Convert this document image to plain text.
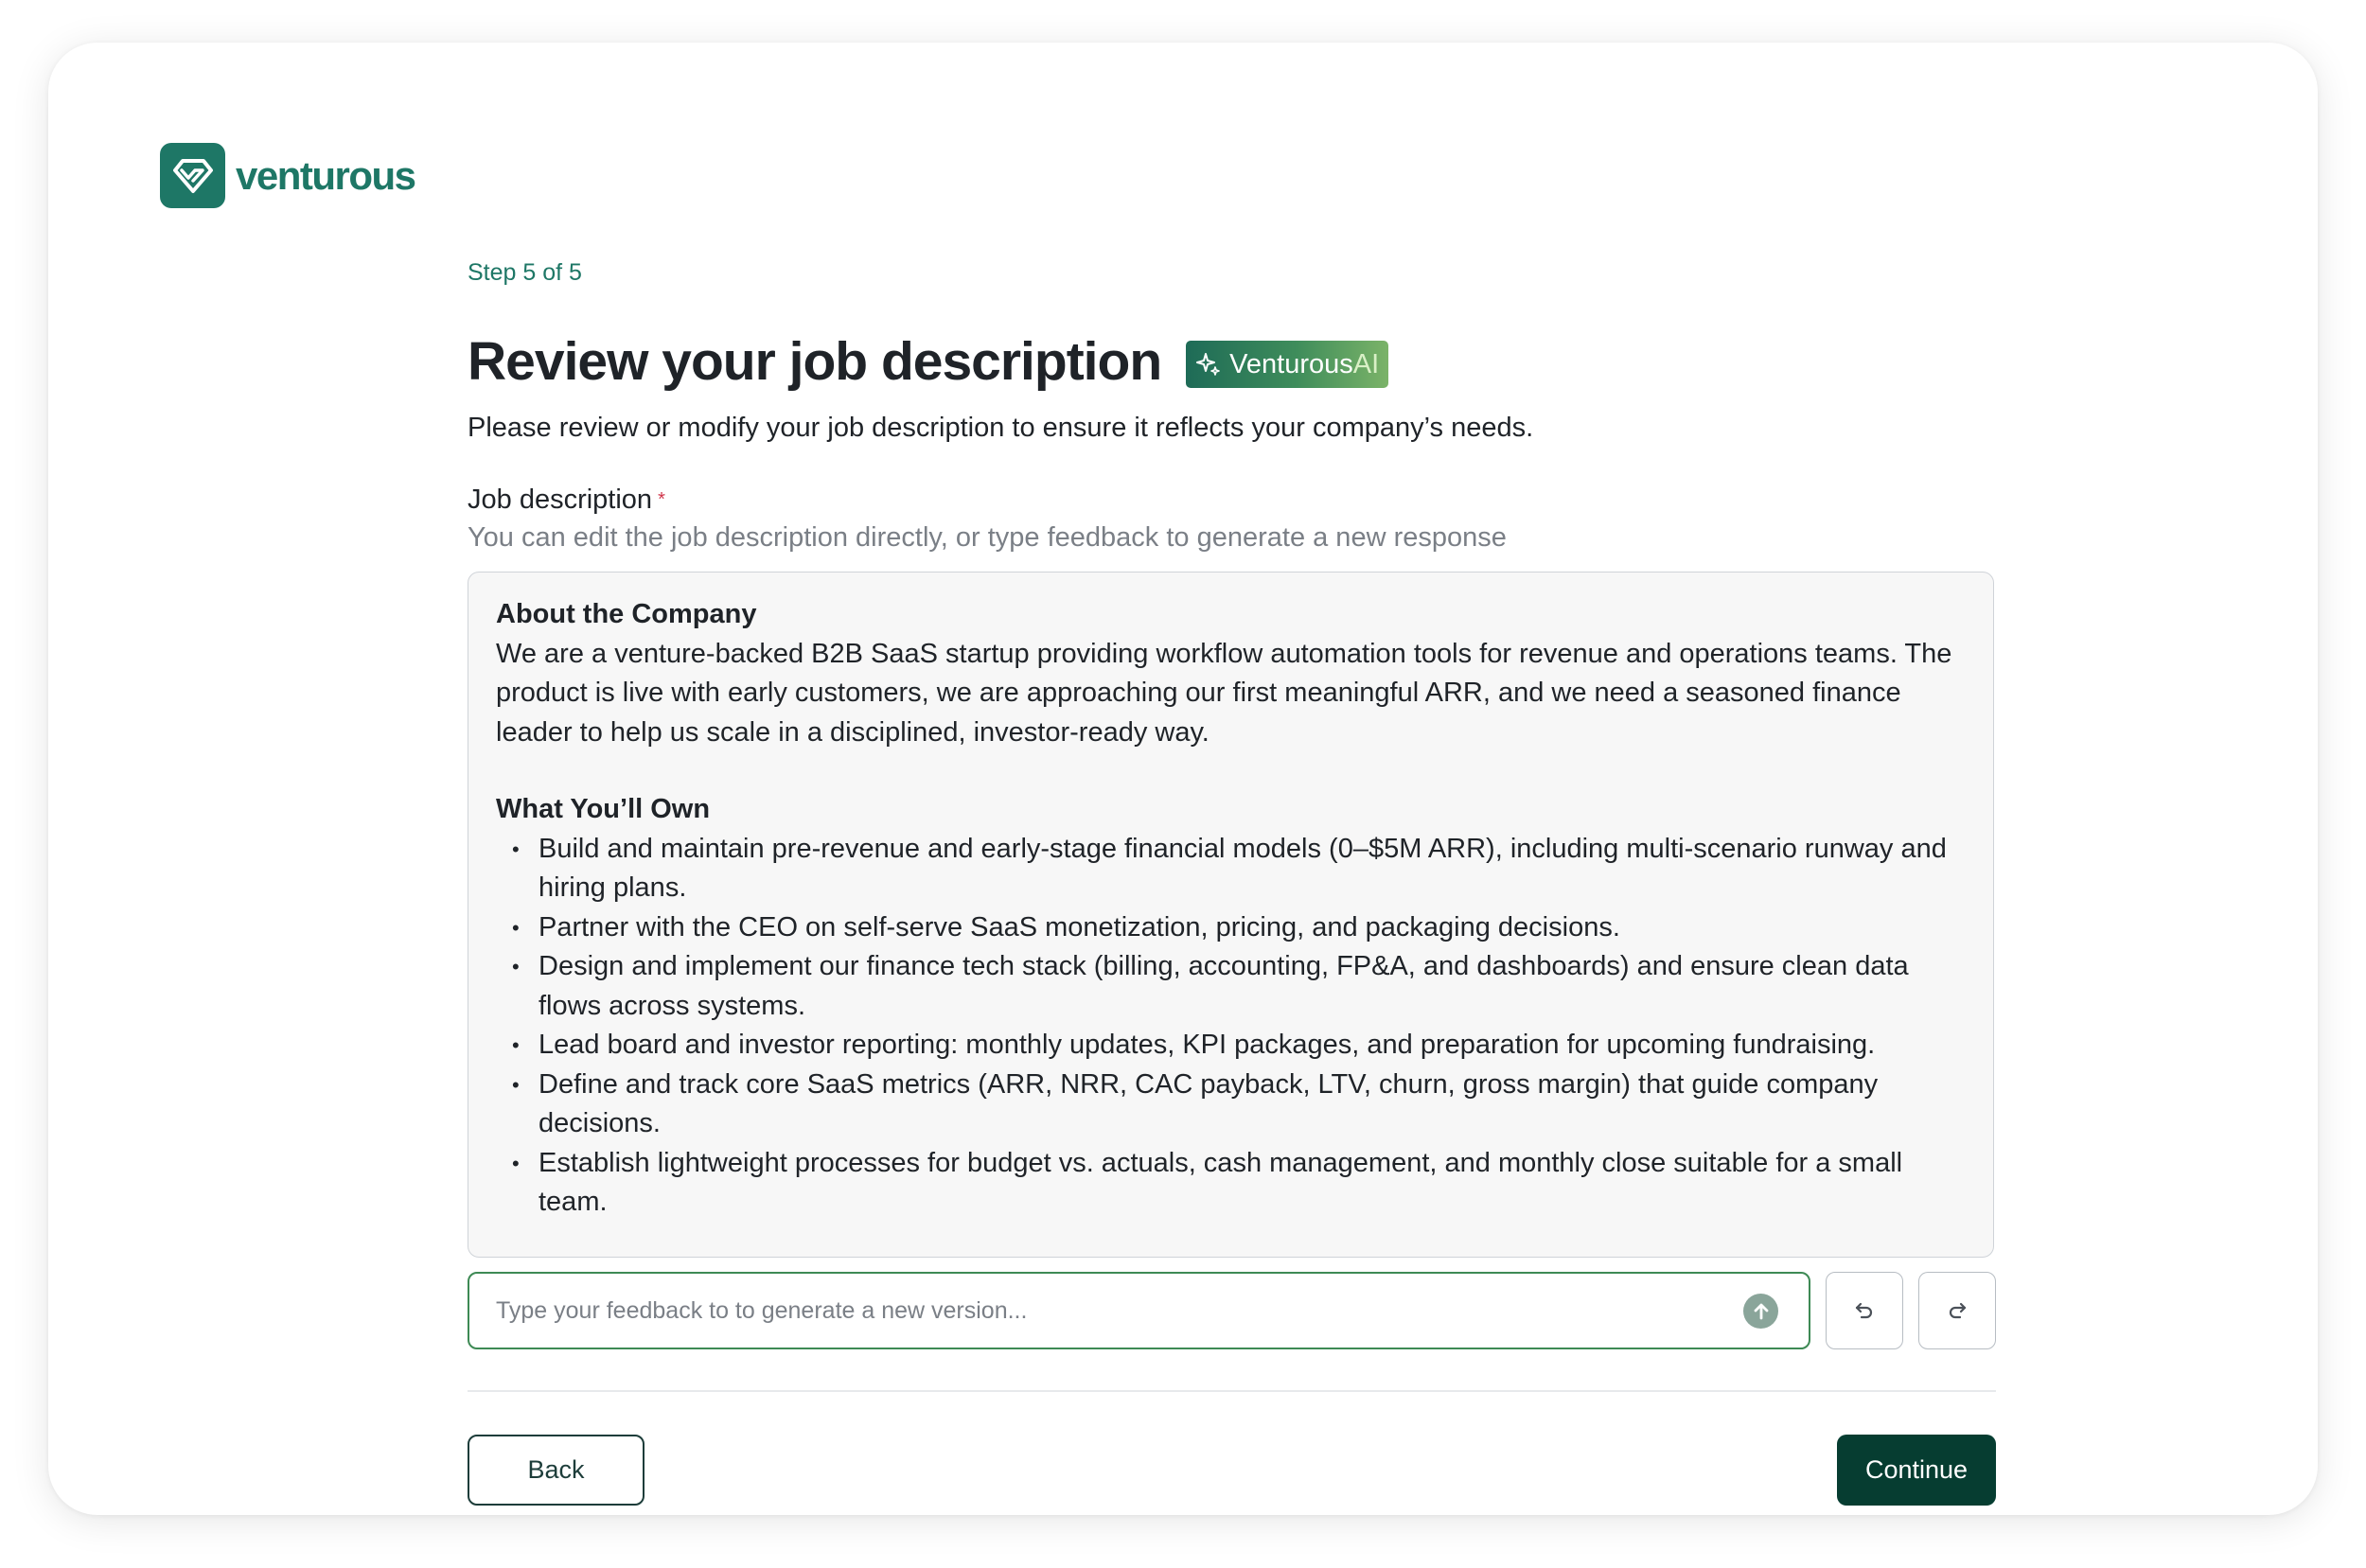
venturous
Step 5 of 5
Review your job description Venturous AI
Please review or modify your job description to ensure it reflects your company’s needs.
Job description *
You can edit the job description directly, or type feedback to generate a new response
About the Company
We are a venture-backed B2B SaaS startup providing workflow automation tools for revenue and operations teams. The product is live with early customers, we are approaching our first meaningful ARR, and we need a seasoned finance leader to help us scale in a disciplined, investor-ready way.
What You’ll Own
• Build and maintain pre-revenue and early-stage financial models (0–$5M ARR), including multi-scenario runway and hiring plans.
• Partner with the CEO on self-serve SaaS monetization, pricing, and packaging decisions.
• Design and implement our finance tech stack (billing, accounting, FP&A, and dashboards) and ensure clean data flows across systems.
• Lead board and investor reporting: monthly updates, KPI packages, and preparation for upcoming fundraising.
• Define and track core SaaS metrics (ARR, NRR, CAC payback, LTV, churn, gross margin) that guide company decisions.
• Establish lightweight processes for budget vs. actuals, cash management, and monthly close suitable for a small team.
Type your feedback to to generate a new version...
Back	Continue
